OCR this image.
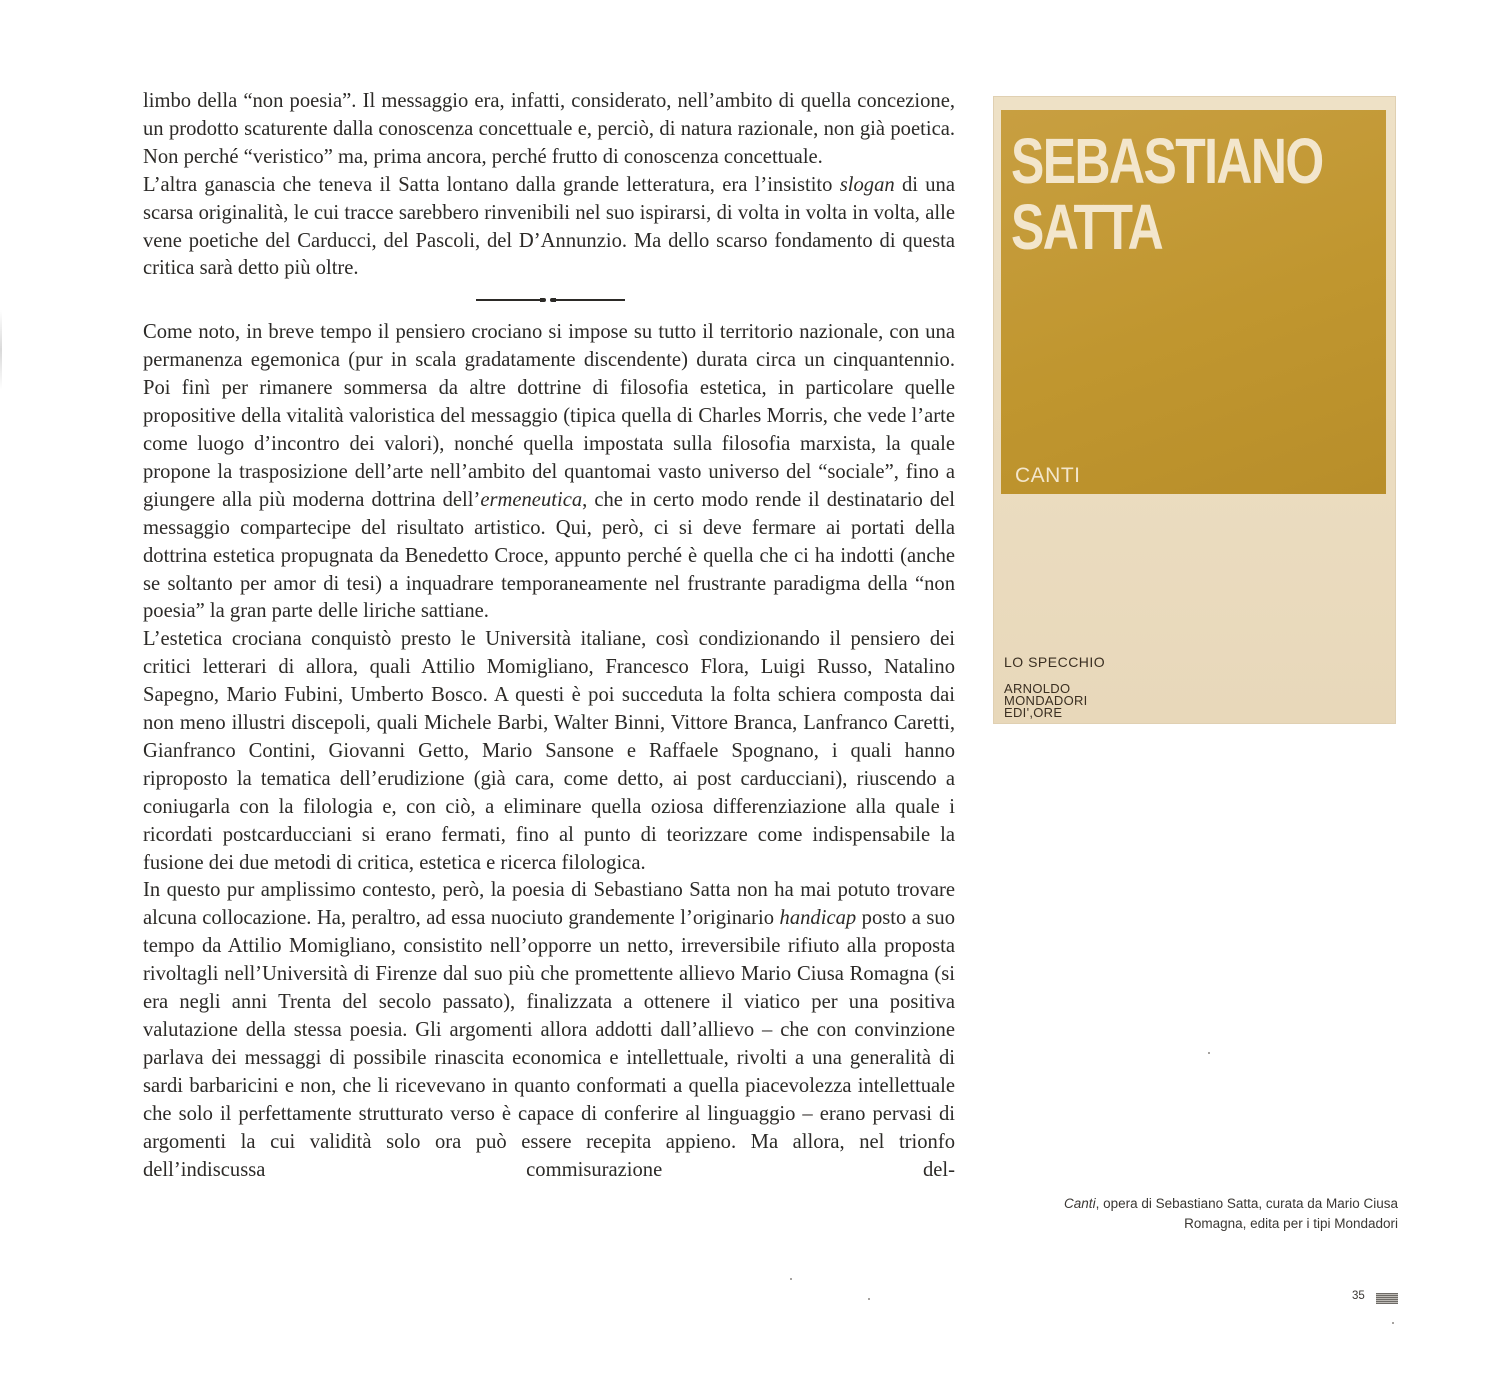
limbo della “non poesia”. Il messaggio era, infatti, considerato, nell’ambito di quella concezione, un prodotto scaturente dalla conoscenza concettuale e, perciò, di natura razionale, non già poetica. Non perché “veristico” ma, prima ancora, perché frutto di conoscenza concettuale.

L’altra ganascia che teneva il Satta lontano dalla grande letteratura, era l’insistito slogan di una scarsa originalità, le cui tracce sarebbero rinvenibili nel suo ispirarsi, di volta in volta in volta, alle vene poetiche del Carducci, del Pascoli, del D’Annunzio. Ma dello scarso fondamento di questa critica sarà detto più oltre.

Come noto, in breve tempo il pensiero crociano si impose su tutto il territorio nazionale, con una permanenza egemonica (pur in scala gradatamente discendente) durata circa un cinquantennio. Poi finì per rimanere sommersa da altre dottrine di filosofia estetica, in particolare quelle propositive della vitalità valoristica del messaggio (tipica quella di Charles Morris, che vede l’arte come luogo d’incontro dei valori), nonché quella impostata sulla filosofia marxista, la quale propone la trasposizione dell’arte nell’ambito del quantomai vasto universo del “sociale”, fino a giungere alla più moderna dottrina dell’ermeneutica, che in certo modo rende il destinatario del messaggio compartecipe del risultato artistico. Qui, però, ci si deve fermare ai portati della dottrina estetica propugnata da Benedetto Croce, appunto perché è quella che ci ha indotti (anche se soltanto per amor di tesi) a inquadrare temporaneamente nel frustrante paradigma della “non poesia” la gran parte delle liriche sattiane.

L’estetica crociana conquistò presto le Università italiane, così condizionando il pensiero dei critici letterari di allora, quali Attilio Momigliano, Francesco Flora, Luigi Russo, Natalino Sapegno, Mario Fubini, Umberto Bosco. A questi è poi succeduta la folta schiera composta dai non meno illustri discepoli, quali Michele Barbi, Walter Binni, Vittore Branca, Lanfranco Caretti, Gianfranco Contini, Giovanni Getto, Mario Sansone e Raffaele Spognano, i quali hanno riproposto la tematica dell’erudizione (già cara, come detto, ai post carducciani), riuscendo a coniugarla con la filologia e, con ciò, a eliminare quella oziosa differenziazione alla quale i ricordati postcarducciani si erano fermati, fino al punto di teorizzare come indispensabile la fusione dei due metodi di critica, estetica e ricerca filologica.

In questo pur amplissimo contesto, però, la poesia di Sebastiano Satta non ha mai potuto trovare alcuna collocazione. Ha, peraltro, ad essa nuociuto grandemente l’originario handicap posto a suo tempo da Attilio Momigliano, consistito nell’opporre un netto, irreversibile rifiuto alla proposta rivoltagli nell’Università di Firenze dal suo più che promettente allievo Mario Ciusa Romagna (si era negli anni Trenta del secolo passato), finalizzata a ottenere il viatico per una positiva valutazione della stessa poesia. Gli argomenti allora addotti dall’allievo – che con convinzione parlava dei messaggi di possibile rinascita economica e intellettuale, rivolti a una generalità di sardi barbaricini e non, che li ricevevano in quanto conformati a quella piacevolezza intellettuale che solo il perfettamente strutturato verso è capace di conferire al linguaggio – erano pervasi di argomenti la cui validità solo ora può essere recepita appieno. Ma allora, nel trionfo dell’indiscussa commisurazione del-

SEBASTIANO
SATTA

CANTI
LO SPECCHIO
ARNOLDO
MONDADORI
EDI',ORE
Canti, opera di Sebastiano Satta, curata da Mario Ciusa
Romagna, edita per i tipi Mondadori
35
